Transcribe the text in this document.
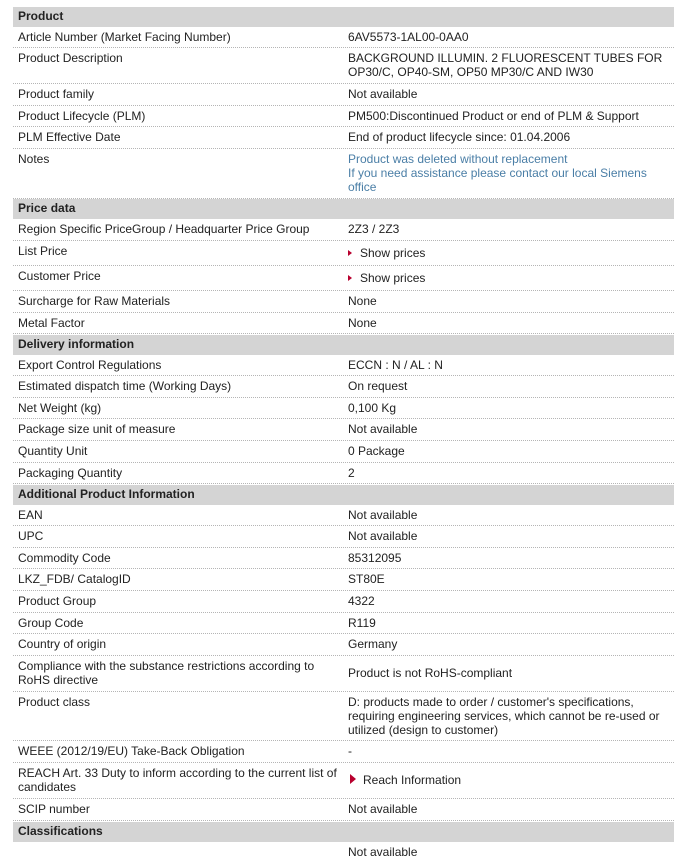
Product
Article Number (Market Facing Number)	6AV5573-1AL00-0AA0
Product Description	BACKGROUND ILLUMIN. 2 FLUORESCENT TUBES FOR
OP30/C, OP40-SM, OP50 MP30/C AND IW30
Product family	Not available
Product Lifecycle (PLM)	PM500:Discontinued Product or end of PLM & Support
PLM Effective Date	End of product lifecycle since: 01.04.2006
Notes	Product was deleted without replacement
If you need assistance please contact our local Siemens
office
Price data
Region Specific PriceGroup / Headquarter Price Group	2Z3 / 2Z3
List Price	Show prices
Customer Price	Show prices
Surcharge for Raw Materials	None
Metal Factor	None
Delivery information
Export Control Regulations	ECCN : N / AL : N
Estimated dispatch time (Working Days)	On request
Net Weight (kg)	0,100 Kg
Package size unit of measure	Not available
Quantity Unit	0 Package
Packaging Quantity	2
Additional Product Information
EAN	Not available
UPC	Not available
Commodity Code	85312095
LKZ_FDB/ CatalogID	ST80E
Product Group	4322
Group Code	R119
Country of origin	Germany
Compliance with the substance restrictions according to
RoHS directive	Product is not RoHS-compliant
Product class	D: products made to order / customer's specifications,
requiring engineering services, which cannot be re-used or
utilized (design to customer)
WEEE (2012/19/EU) Take-Back Obligation	-
REACH Art. 33 Duty to inform according to the current list of
candidates	Reach Information
SCIP number	Not available
Classifications
Not available
